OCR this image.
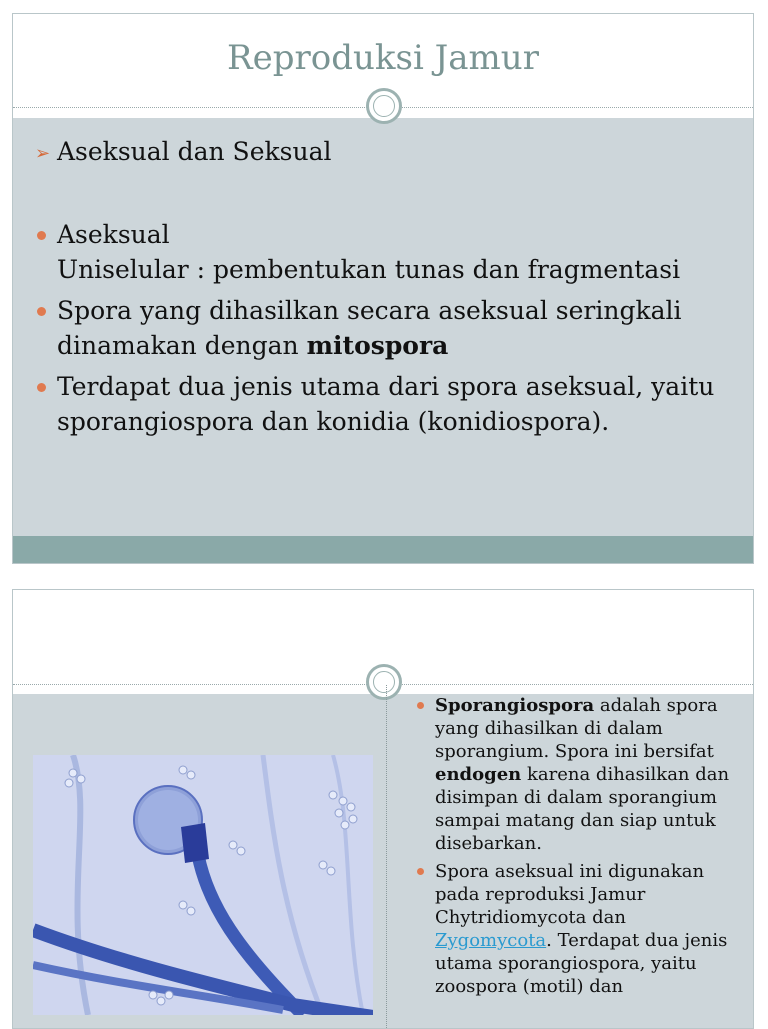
Reproduksi Jamur
➢ Aseksual dan Seksual
Aseksual
Uniselular : pembentukan tunas dan fragmentasi
Spora yang dihasilkan secara aseksual seringkali dinamakan dengan mitospora
Terdapat dua jenis utama dari spora aseksual, yaitu sporangiospora dan konidia (konidiospora).
Sporangiospora adalah spora yang dihasilkan di dalam sporangium. Spora ini bersifat endogen karena dihasilkan dan disimpan di dalam sporangium sampai matang dan siap untuk disebarkan.
Spora aseksual ini digunakan pada reproduksi Jamur Chytridiomycota dan Zygomycota. Terdapat dua jenis utama sporangiospora, yaitu zoospora (motil) dan
